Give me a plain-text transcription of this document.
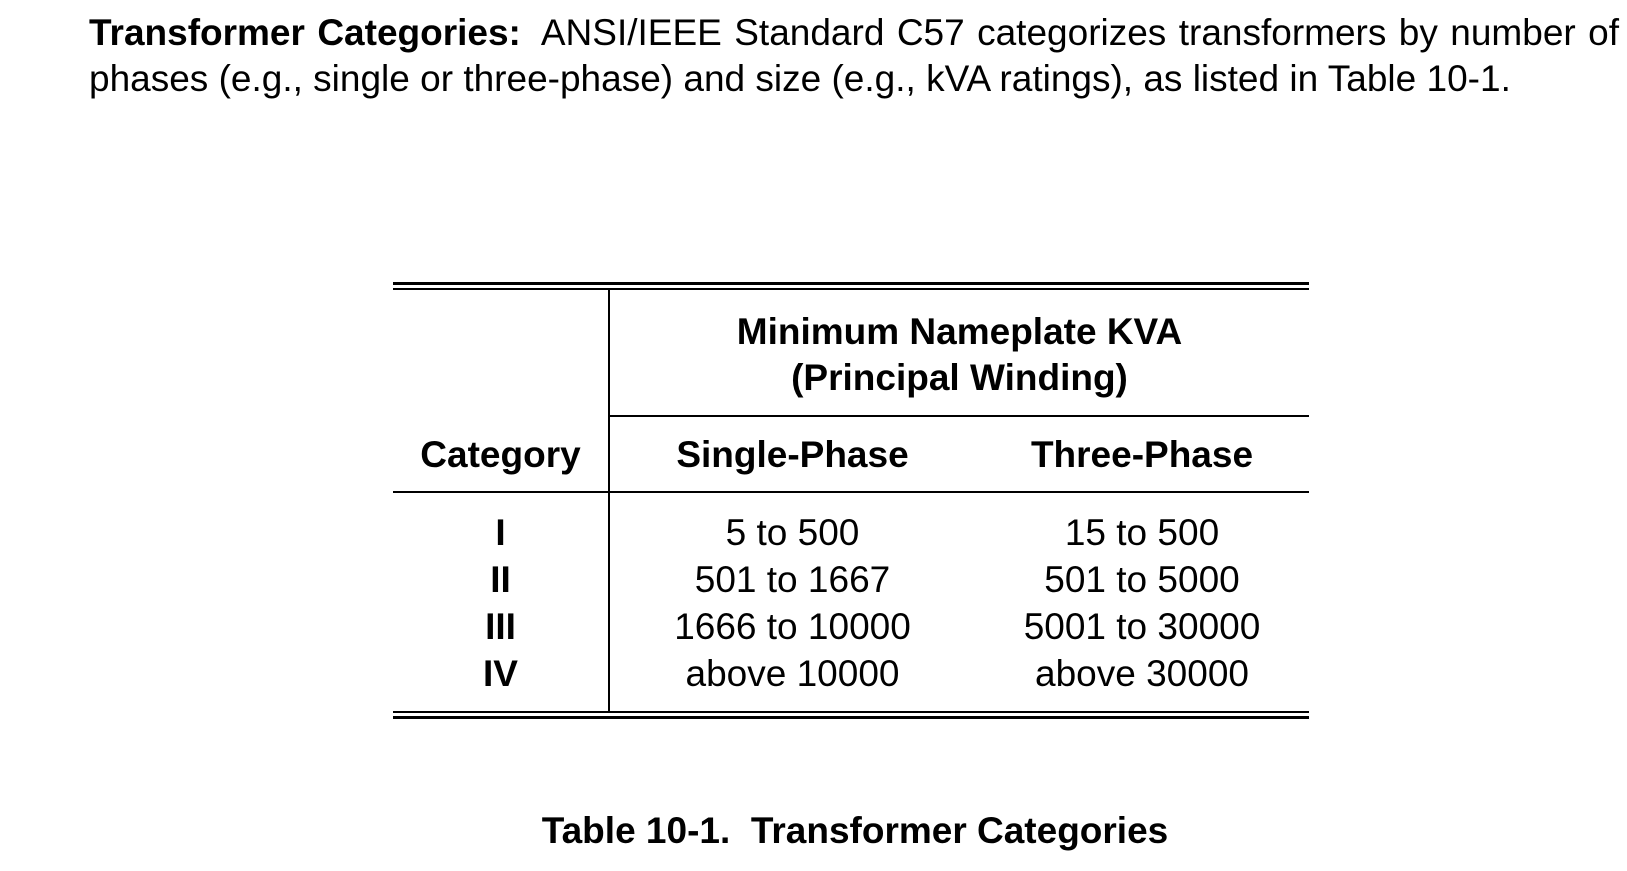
Transformer Categories: ANSI/IEEE Standard C57 categorizes transformers by number of phases (e.g., single or three-phase) and size (e.g., kVA ratings), as listed in Table 10-1.

Minimum Nameplate KVA
(Principal Winding)
Category	Single-Phase	Three-Phase
I	5 to 500	15 to 500
II	501 to 1667	501 to 5000
III	1666 to 10000	5001 to 30000
IV	above 10000	above 30000
Table 10-1.  Transformer Categories
